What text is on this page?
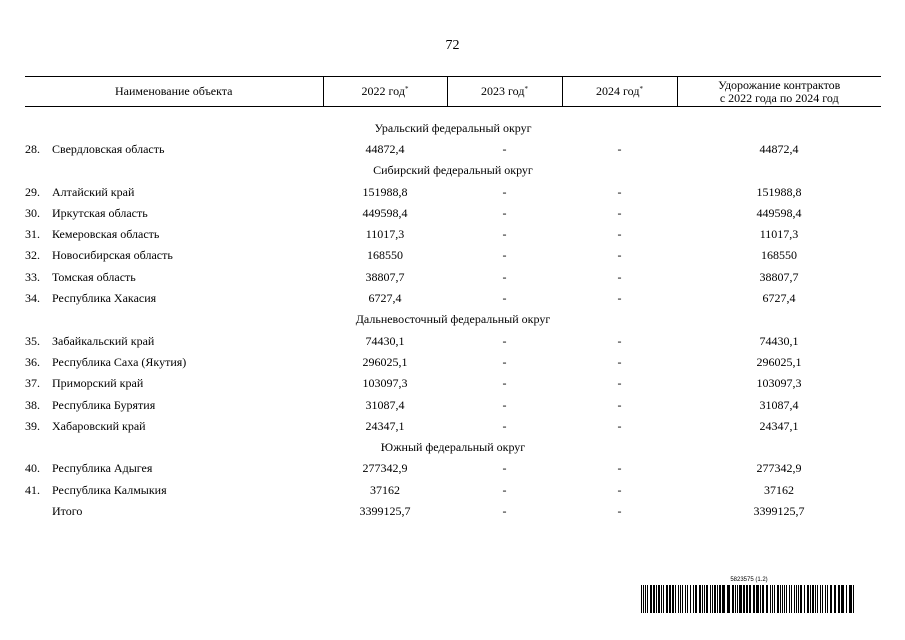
72
Наименование объекта	2022 год*	2023 год*	2024 год*	Удорожание контрактов
с 2022 года по 2024 год

Уральский федеральный округ				
28. Свердловская область	44872,4	-	-	44872,4
Сибирский федеральный округ				
29. Алтайский край	151988,8	-	-	151988,8
30. Иркутская область	449598,4	-	-	449598,4
31. Кемеровская область	11017,3	-	-	11017,3
32. Новосибирская область	168550	-	-	168550
33. Томская область	38807,7	-	-	38807,7
34. Республика Хакасия	6727,4	-	-	6727,4
Дальневосточный федеральный округ				
35. Забайкальский край	74430,1	-	-	74430,1
36. Республика Саха (Якутия)	296025,1	-	-	296025,1
37. Приморский край	103097,3	-	-	103097,3
38. Республика Бурятия	31087,4	-	-	31087,4
39. Хабаровский край	24347,1	-	-	24347,1
Южный федеральный округ				
40. Республика Адыгея	277342,9	-	-	277342,9
41. Республика Калмыкия	37162	-	-	37162
Итого	3399125,7	-	-	3399125,7
5823575 (1.2)
